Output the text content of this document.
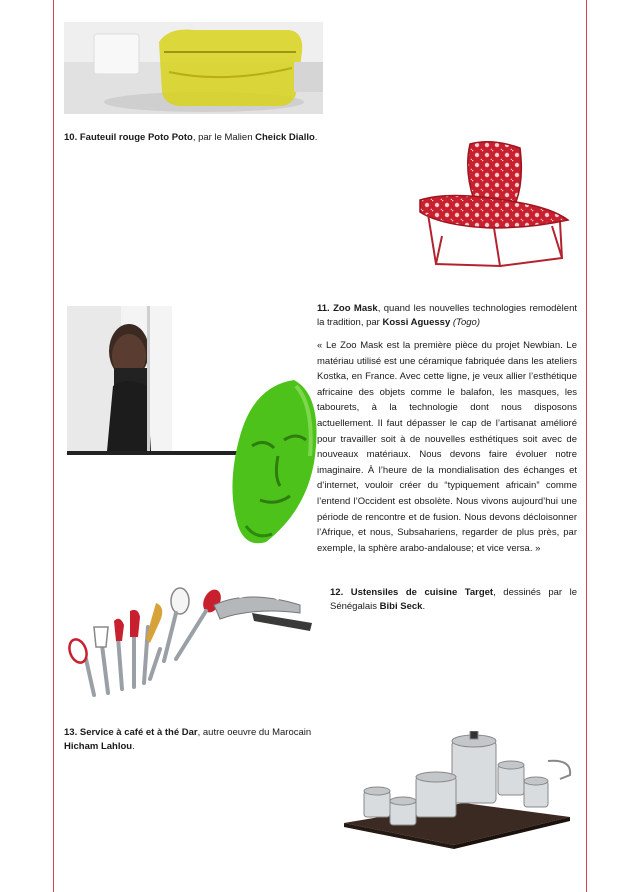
10. Fauteuil rouge Poto Poto, par le Malien Cheick Diallo.
11. Zoo Mask, quand les nouvelles technologies remodèlent la tradition, par Kossi Aguessy (Togo)
« Le Zoo Mask est la première pièce du projet Newbian. Le matériau utilisé est une céramique fabriquée dans les ateliers Kostka, en France. Avec cette ligne, je veux allier l’esthétique africaine des objets comme le balafon, les masques, les tabourets, à la technologie dont nous disposons actuellement. Il faut dépasser le cap de l’artisanat amélioré pour travailler soit à de nouvelles esthétiques soit avec de nouveaux matériaux. Nous devons faire évoluer notre imaginaire. À l’heure de la mondialisation des échanges et d’internet, vouloir créer du “typiquement africain” comme l’entend l’Occident est obsolète. Nous vivons aujourd’hui une période de rencontre et de fusion. Nous devons décloisonner l’Afrique, et nous, Subsahariens, regarder de plus près, par exemple, la sphère arabo-andalouse; et vice versa. »
12. Ustensiles de cuisine Target, dessinés par le Sénégalais Bibi Seck.
13. Service à café et à thé Dar, autre oeuvre du Marocain Hicham Lahlou.
